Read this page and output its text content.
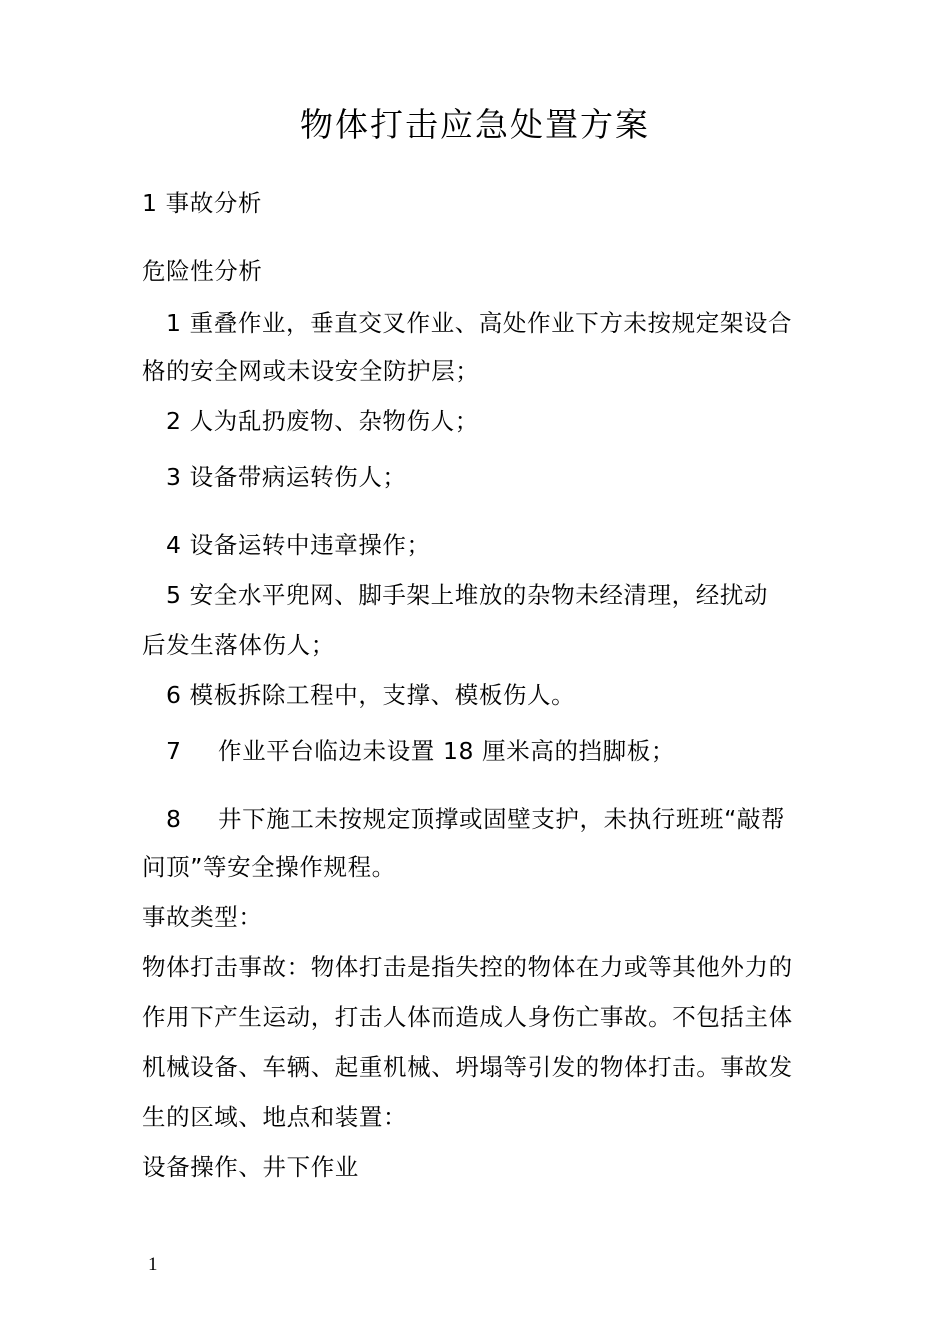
物体打击应急处置方案
1 事故分析
危险性分析
1 重叠作业，垂直交叉作业、高处作业下方未按规定架设合
格的安全网或未设安全防护层；
2 人为乱扔废物、杂物伤人；
3 设备带病运转伤人；
4 设备运转中违章操作；
5 安全水平兜网、脚手架上堆放的杂物未经清理，经扰动
后发生落体伤人；
6 模板拆除工程中，支撑、模板伤人。
7 作业平台临边未设置 18 厘米高的挡脚板；
8 井下施工未按规定顶撑或固壁支护，未执行班班“敲帮
问顶”等安全操作规程。
事故类型：
物体打击事故：物体打击是指失控的物体在力或等其他外力的
作用下产生运动，打击人体而造成人身伤亡事故。不包括主体
机械设备、车辆、起重机械、坍塌等引发的物体打击。事故发
生的区域、地点和装置：
设备操作、井下作业
1
